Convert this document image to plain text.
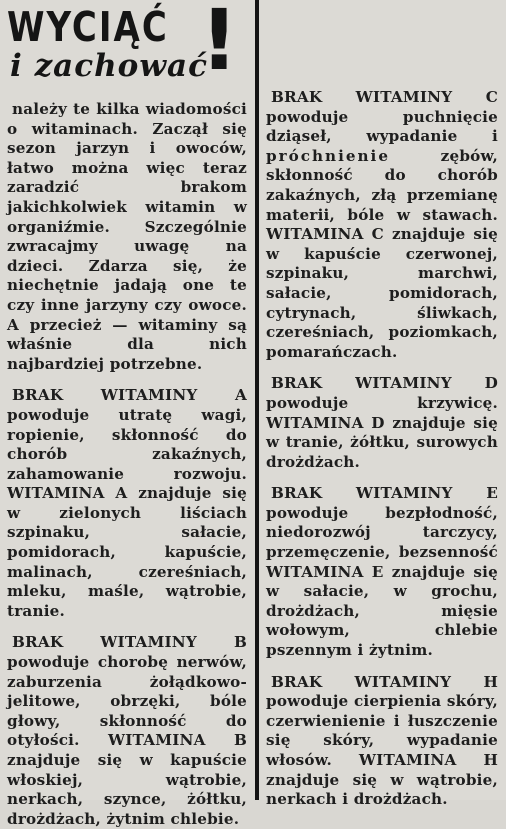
WYCIĄĆ
i zachować
!

należy te kilka wiadomości o witaminach. Zaczął się sezon jarzyn i owoców, łatwo można więc teraz zaradzić brakom jakichkolwiek witamin w organiźmie. Szczególnie zwracajmy uwagę na dzieci. Zdarza się, że niechętnie jadają one te czy inne jarzyny czy owoce. A przecież — witaminy są właśnie dla nich najbardziej potrzebne.

BRAK WITAMINY A powoduje utratę wagi, ropienie, skłonność do chorób zakaźnych, zahamowanie rozwoju. WITAMINA A znajduje się w zielonych liściach szpinaku, sałacie, pomidorach, kapuście, malinach, czereśniach, mleku, maśle, wątrobie, tranie.

BRAK WITAMINY B powoduje chorobę nerwów, zaburzenia żołądkowo-jelitowe, obrzęki, bóle głowy, skłonność do otyłości. WITAMINA B znajduje się w kapuście włoskiej, wątrobie, nerkach, szynce, żółtku, drożdżach, żytnim chlebie.

BRAK WITAMINY C powoduje puchnięcie dziąseł, wypadanie i próchnienie	zębów, skłonność do chorób zakaźnych, złą przemianę materii, bóle w stawach. WITAMINA C znajduje się w kapuście czerwonej, szpinaku, marchwi, sałacie, pomidorach, cytrynach, śliwkach, czereśniach, poziomkach, pomarańczach.

BRAK WITAMINY D powoduje krzywicę. WITAMINA D znajduje się w tranie, żółtku, surowych drożdżach.

BRAK WITAMINY E powoduje bezpłodność, niedorozwój tarczycy, przemęczenie, bezsenność WITAMINA E znajduje się w sałacie, w grochu, drożdżach, mięsie wołowym, chlebie pszennym i żytnim.

BRAK WITAMINY H powoduje cierpienia skóry, czerwienienie i łuszczenie się skóry, wypadanie włosów. WITAMINA H znajduje się w wątrobie, nerkach i drożdżach.
